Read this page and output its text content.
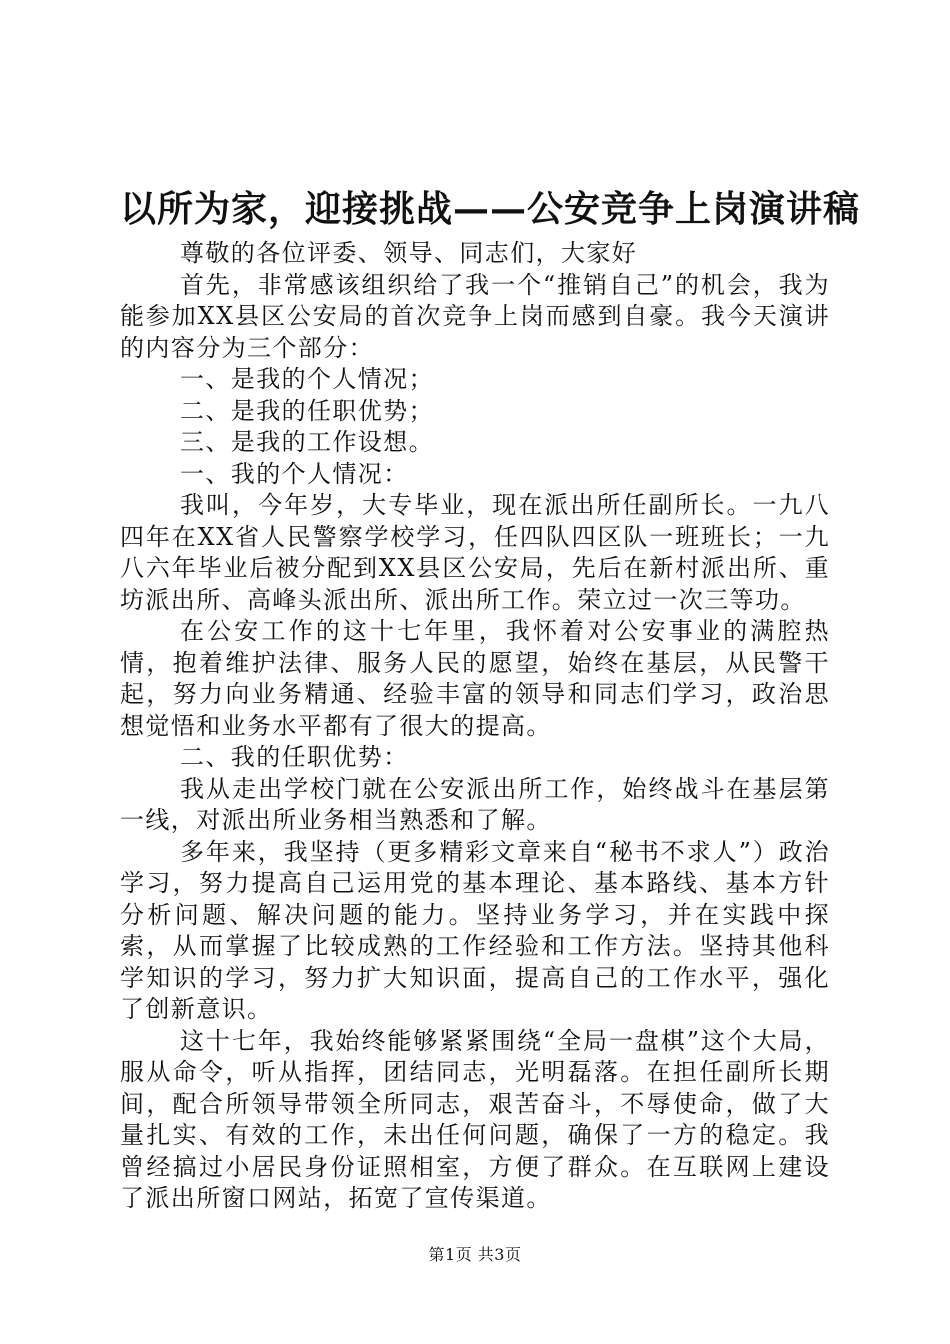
以所为家，迎接挑战——公安竞争上岗演讲稿

尊敬的各位评委、领导、同志们，大家好

首先，非常感该组织给了我一个“推销自己”的机会，我为能参加XX县区公安局的首次竞争上岗而感到自豪。我今天演讲的内容分为三个部分：

一、是我的个人情况；

二、是我的任职优势；

三、是我的工作设想。

一、我的个人情况：

我叫，今年岁，大专毕业，现在派出所任副所长。一九八四年在XX省人民警察学校学习，任四队四区队一班班长；一九八六年毕业后被分配到XX县区公安局，先后在新村派出所、重坊派出所、高峰头派出所、派出所工作。荣立过一次三等功。

在公安工作的这十七年里，我怀着对公安事业的满腔热情，抱着维护法律、服务人民的愿望，始终在基层，从民警干起，努力向业务精通、经验丰富的领导和同志们学习，政治思想觉悟和业务水平都有了很大的提高。

二、我的任职优势：

我从走出学校门就在公安派出所工作，始终战斗在基层第一线，对派出所业务相当熟悉和了解。

多年来，我坚持（更多精彩文章来自“秘书不求人”）政治学习，努力提高自己运用党的基本理论、基本路线、基本方针分析问题、解决问题的能力。坚持业务学习，并在实践中探索，从而掌握了比较成熟的工作经验和工作方法。坚持其他科学知识的学习，努力扩大知识面，提高自己的工作水平，强化了创新意识。

这十七年，我始终能够紧紧围绕“全局一盘棋”这个大局，服从命令，听从指挥，团结同志，光明磊落。在担任副所长期间，配合所领导带领全所同志，艰苦奋斗，不辱使命，做了大量扎实、有效的工作，未出任何问题，确保了一方的稳定。我曾经搞过小居民身份证照相室，方便了群众。在互联网上建设了派出所窗口网站，拓宽了宣传渠道。

第1页 共3页
